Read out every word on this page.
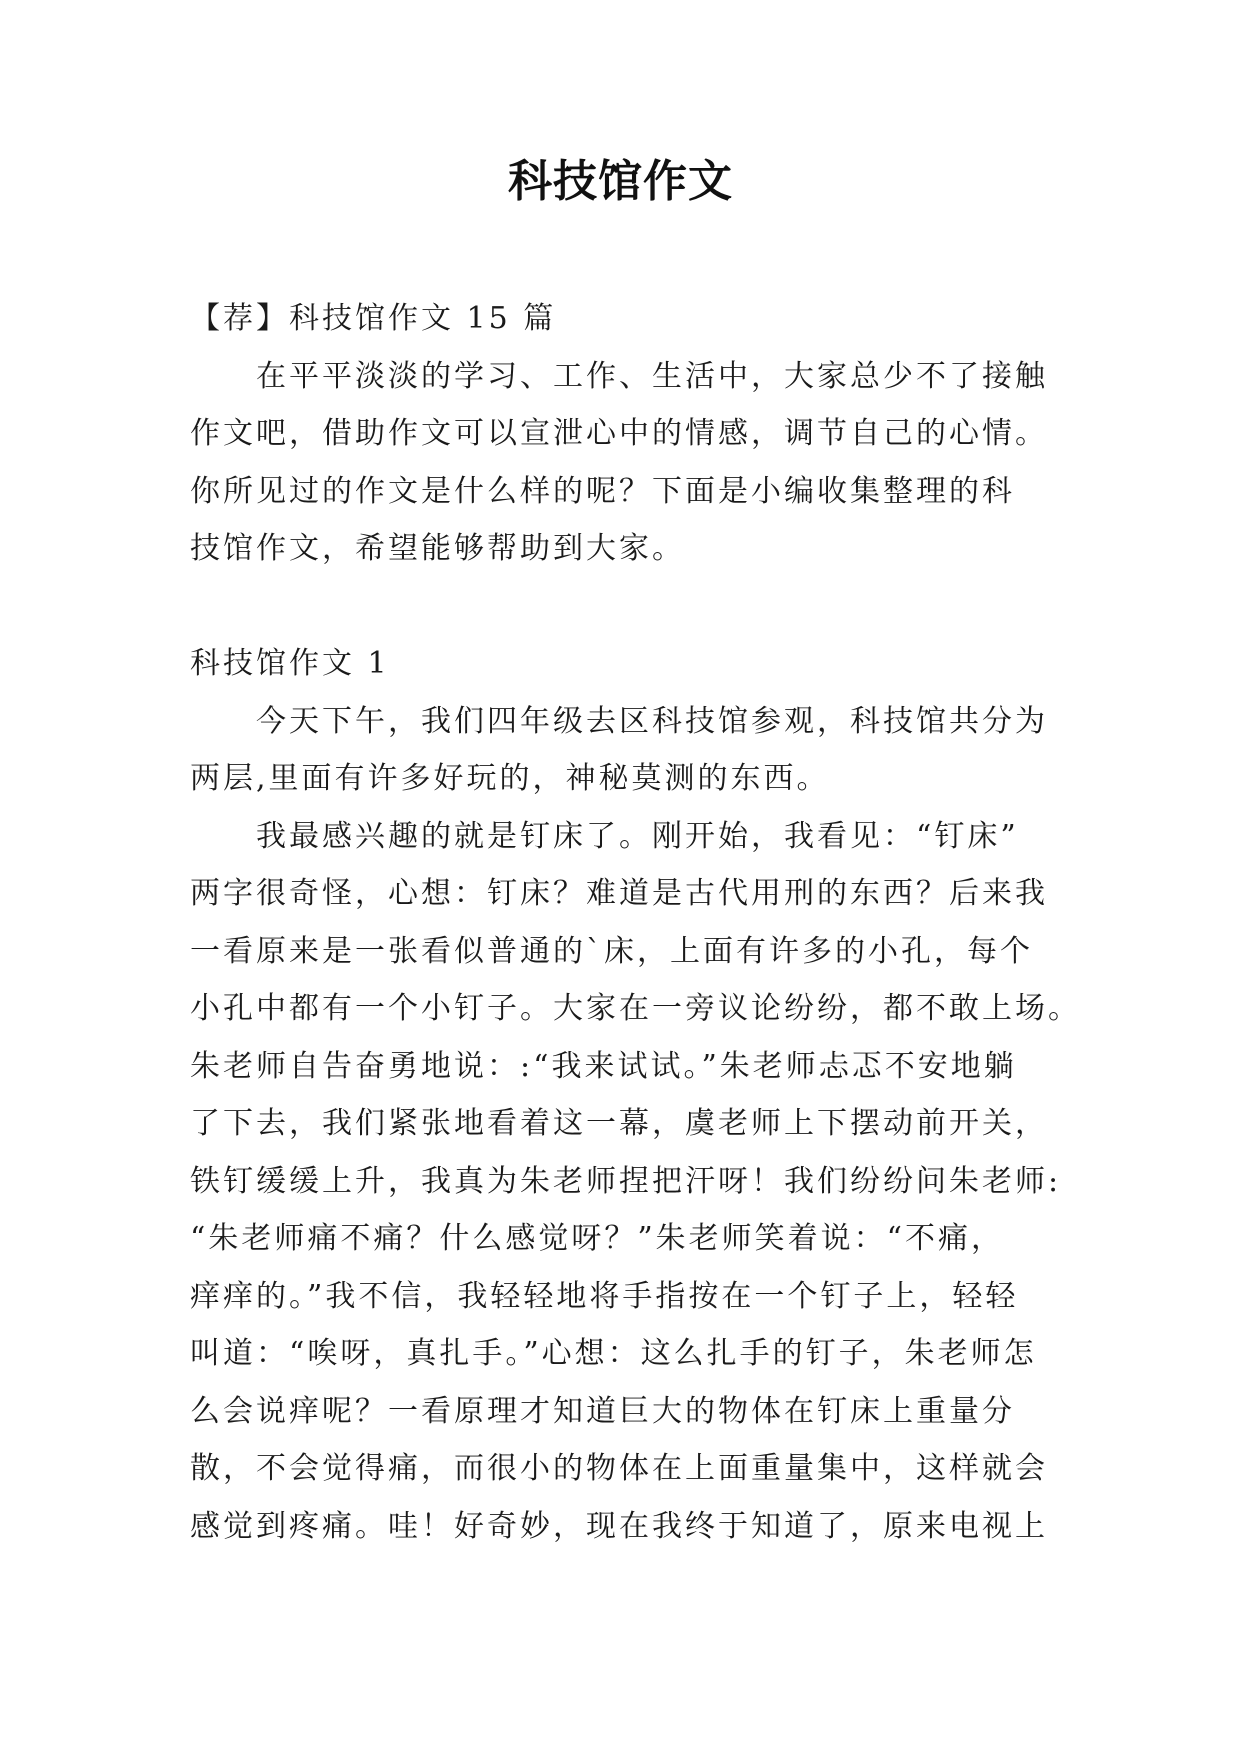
科技馆作文
【荐】科技馆作文 15 篇
在平平淡淡的学习、工作、生活中，大家总少不了接触
作文吧，借助作文可以宣泄心中的情感，调节自己的心情。
你所见过的作文是什么样的呢？下面是小编收集整理的科
技馆作文，希望能够帮助到大家。
科技馆作文 1
今天下午，我们四年级去区科技馆参观，科技馆共分为
两层,里面有许多好玩的，神秘莫测的东西。
我最感兴趣的就是钉床了。刚开始，我看见：“钉床”
两字很奇怪，心想：钉床？难道是古代用刑的东西？后来我
一看原来是一张看似普通的`床，上面有许多的小孔，每个
小孔中都有一个小钉子。大家在一旁议论纷纷，都不敢上场。
朱老师自告奋勇地说：:“我来试试。”朱老师忐忑不安地躺
了下去，我们紧张地看着这一幕，虞老师上下摆动前开关，
铁钉缓缓上升，我真为朱老师捏把汗呀！我们纷纷问朱老师:
“朱老师痛不痛？什么感觉呀？”朱老师笑着说：“不痛，
痒痒的。”我不信，我轻轻地将手指按在一个钉子上，轻轻
叫道：“唉呀，真扎手。”心想：这么扎手的钉子，朱老师怎
么会说痒呢？一看原理才知道巨大的物体在钉床上重量分
散，不会觉得痛，而很小的物体在上面重量集中，这样就会
感觉到疼痛。哇！好奇妙，现在我终于知道了，原来电视上
